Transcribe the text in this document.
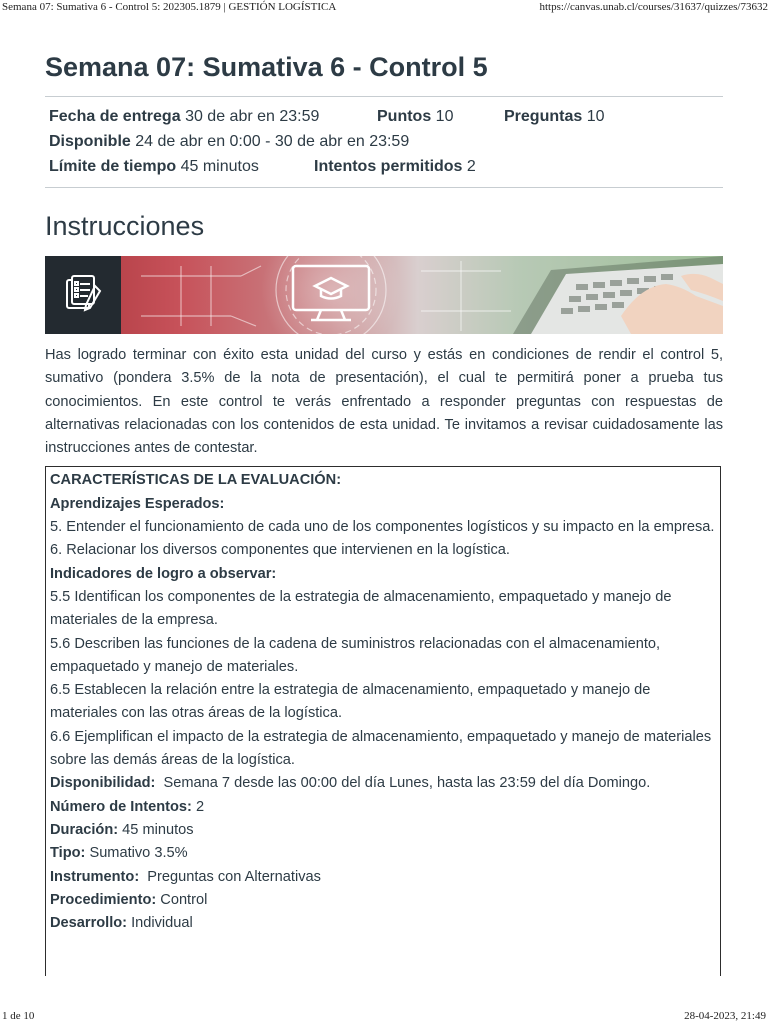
Semana 07: Sumativa 6 - Control 5: 202305.1879 | GESTIÓN LOGÍSTICA	https://canvas.unab.cl/courses/31637/quizzes/73632
Semana 07: Sumativa 6 - Control 5
Fecha de entrega 30 de abr en 23:59	Puntos 10	Preguntas 10
Disponible 24 de abr en 0:00 - 30 de abr en 23:59
Límite de tiempo 45 minutos	Intentos permitidos 2
Instrucciones

Has logrado terminar con éxito esta unidad del curso y estás en condiciones de rendir el control 5, sumativo (pondera 3.5% de la nota de presentación), el cual te permitirá poner a prueba tus conocimientos. En este control te verás enfrentado a responder preguntas con respuestas de alternativas relacionadas con los contenidos de esta unidad. Te invitamos a revisar cuidadosamente las instrucciones antes de contestar.

CARACTERÍSTICAS DE LA EVALUACIÓN:

Aprendizajes Esperados:

5. Entender el funcionamiento de cada uno de los componentes logísticos y su impacto en la empresa.

6. Relacionar los diversos componentes que intervienen en la logística.

Indicadores de logro a observar:

5.5 Identifican los componentes de la estrategia de almacenamiento, empaquetado y manejo de materiales de la empresa.

5.6 Describen las funciones de la cadena de suministros relacionadas con el almacenamiento, empaquetado y manejo de materiales.

6.5 Establecen la relación entre la estrategia de almacenamiento, empaquetado y manejo de materiales con las otras áreas de la logística.

6.6 Ejemplifican el impacto de la estrategia de almacenamiento, empaquetado y manejo de materiales sobre las demás áreas de la logística.

Disponibilidad:  Semana 7 desde las 00:00 del día Lunes, hasta las 23:59 del día Domingo.

Número de Intentos: 2

Duración: 45 minutos

Tipo: Sumativo 3.5%

Instrumento:  Preguntas con Alternativas

Procedimiento: Control

Desarrollo: Individual

1 de 10	28-04-2023, 21:49
